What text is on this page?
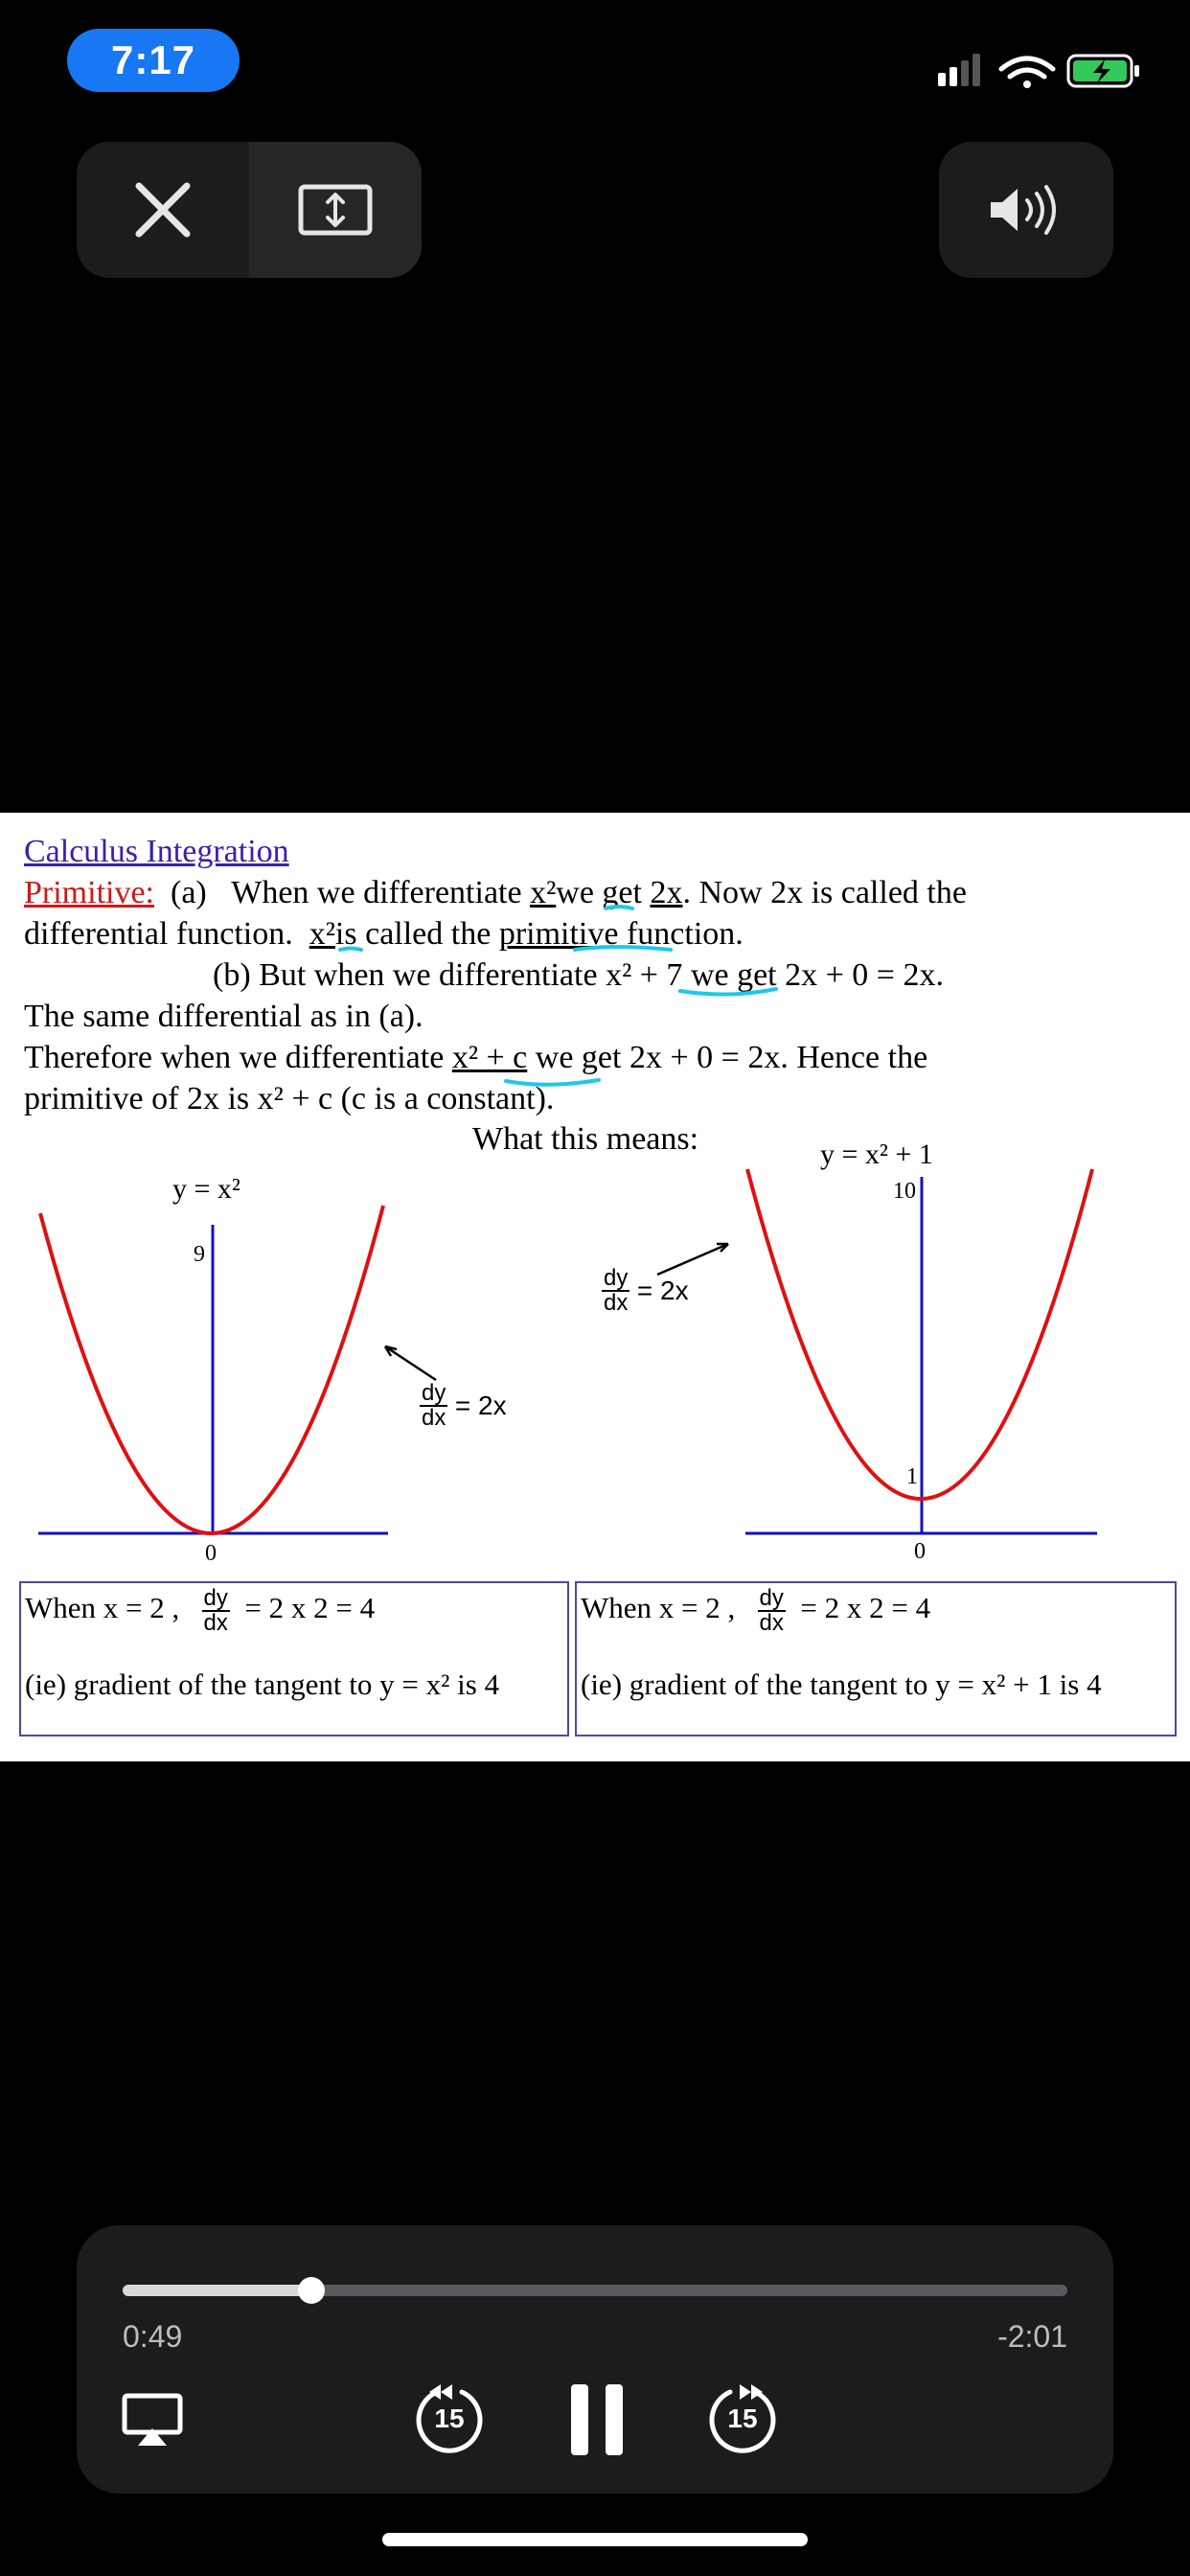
7:17
Calculus Integration
Primitive: (a) When we differentiate x²we get 2x. Now 2x is called the
differential function. x²is called the primitive function.
(b) But when we differentiate x² + 7 we get 2x + 0 = 2x.
The same differential as in (a).
Therefore when we differentiate x² + c we get 2x + 0 = 2x. Hence the
primitive of 2x is x² + c (c is a constant).
What this means:
y = x²
9
0
$\frac{dy}{dx} = 2x$
y = x² + 1
10
1
0
$\frac{dy}{dx} = 2x$
When x = 2 , $\frac{dy}{dx} = 2$ x 2 = 4
(ie) gradient of the tangent to y = x² is 4
When x = 2 , $\frac{dy}{dx} = 2$ x 2 = 4
(ie) gradient of the tangent to y = x² + 1 is 4
0:49	-2:01
15	15
